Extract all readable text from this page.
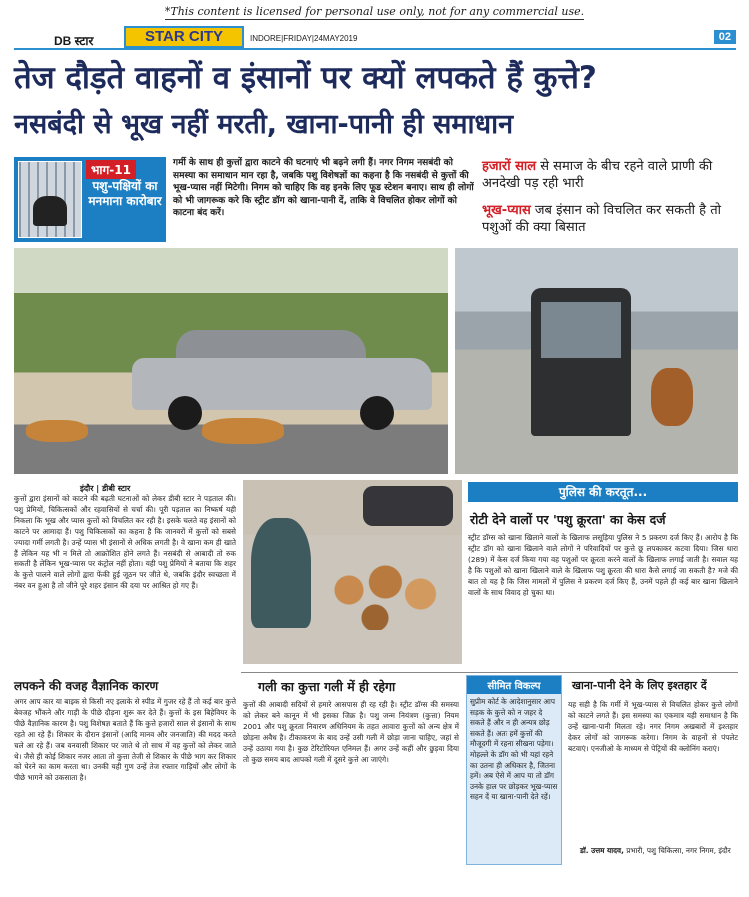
*This content is licensed for personal use only, not for any commercial use.
DB स्टार	STAR CITY	INDORE|FRIDAY|24MAY2019	02
तेज दौड़ते वाहनों व इंसानों पर क्यों लपकते हैं कुत्ते?
नसबंदी से भूख नहीं मरती, खाना-पानी ही समाधान
भाग-11
पशु-पक्षियों का मनमाना कारोबार
गर्मी के साथ ही कुत्तों द्वारा काटने की घटनाएं भी बढ़ने लगी हैं। नगर निगम नसबंदी को समस्या का समाधान मान रहा है, जबकि पशु विशेषज्ञों का कहना है कि नसबंदी से कुत्तों की भूख-प्यास नहीं मिटेगी। निगम को चाहिए कि वह इनके लिए फूड स्टेशन बनाए। साथ ही लोगों को भी जागरूक करे कि स्ट्रीट डॉग को खाना-पानी दें, ताकि वे विचलित होकर लोगों को काटना बंद करें।
हजारों साल से समाज के बीच रहने वाले प्राणी की अनदेखी पड़ रही भारी
भूख-प्यास जब इंसान को विचलित कर सकती है तो पशुओं की क्या बिसात
इंदौर | डीबी स्टार
कुत्तों द्वारा इंसानों को काटने की बढ़ती घटनाओं को लेकर डीबी स्टार ने पड़ताल की। पशु प्रेमियों, चिकित्सकों और रहवासियों से चर्चा की। पूरी पड़ताल का निष्कर्ष यही निकला कि भूख और प्यास कुत्तों को विचलित कर रही है। इसके चलते वह इंसानों को काटने पर आमादा हैं। पशु चिकित्सकों का कहना है कि जानवरों में कुत्तों को सबसे ज्यादा गर्मी लगती है। उन्हें प्यास भी इंसानों से अधिक लगती है। वे खाना कम ही खाते हैं लेकिन यह भी न मिले तो आक्रोशित होने लगते हैं। नसबंदी से आबादी तो रुक सकती है लेकिन भूख-प्यास पर कंट्रोल नहीं होता। यही पशु प्रेमियों ने बताया कि शहर के कुत्ते पालने वाले लोगों द्वारा फेंकी हुई जूठन पर जीते थे, जबकि इंदौर स्वच्छता में नंबर वन हुआ है तो जीने पूरे शहर इंसान की दया पर आश्रित हो गए हैं।
लपकने की वजह वैज्ञानिक कारण
अगर आप कार या बाइक से किसी नए इलाके से स्पीड में गुजर रहे हैं तो कई बार कुत्ते बेवजह भौंकने और गाड़ी के पीछे दौड़ना शुरू कर देते हैं। कुत्तों के इस बिहेवियर के पीछे वैज्ञानिक कारण है। पशु विशेषज्ञ बताते हैं कि कुत्ते हजारों साल से इंसानों के साथ रहते आ रहे हैं। शिकार के दौरान इंसानों (आदि मानव और जनजाति) की मदद करते चले आ रहे हैं। जब वनवासी शिकार पर जाते थे तो साथ में वह कुत्तों को लेकर जाते थे। जैसे ही कोई शिकार नजर आता तो कुत्ता तेजी से शिकार के पीछे भाग कर शिकार को घेरने का काम करता था। उनकी यही गुण उन्हें तेज रफ्तार गाड़ियों और लोगों के पीछे भागने को उकसाता है।
पुलिस की करतूत...
रोटी देने वालों पर 'पशु क्रूरता' का केस दर्ज
स्ट्रीट डॉग्स को खाना खिलाने वालों के खिलाफ लसूड़िया पुलिस ने 5 प्रकरण दर्ज किए हैं। आरोप है कि स्ट्रीट डॉग को खाना खिलाने वाले लोगों ने परिवादियों पर कुत्ते छू लपकाकर कटवा दिया। जिस धारा (289) में केस दर्ज किया गया वह पशुओं पर क्रूरता करने वालों के खिलाफ लगाई जाती है। सवाल यह है कि पशुओं को खाना खिलाने वाले के खिलाफ पशु क्रूरता की धारा कैसे लगाई जा सकती है? मजे की बात तो यह है कि जिस मामलों में पुलिस ने प्रकरण दर्ज किए हैं, उनमें पहले ही कई बार खाना खिलाने वालों के साथ विवाद हो चुका था।
गली का कुत्ता गली में ही रहेगा
कुत्तों की आबादी सदियों से हमारे आसपास ही रह रही है। स्ट्रीट डॉग्स की समस्या को लेकर बने कानून में भी इसका जिक्र है। पशु जन्म नियंत्रण (कुत्ता) नियम 2001 और पशु क्रूरता निवारण अधिनियम के तहत आवारा कुत्तों को अन्य क्षेत्र में छोड़ना अवैध है। टीकाकरण के बाद उन्हें उसी गली में छोड़ा जाना चाहिए, जहां से उन्हें उठाया गया है। कुछ टेरिटोरियल एनिमल हैं। अगर उन्हें कहीं और छुड़वा दिया तो कुछ समय बाद आपको गली में दूसरे कुत्ते आ जाएंगे।
सीमित विकल्प
सुप्रीम कोर्ट के आदेशानुसार आप सड़क के कुत्ते को न जहर दे सकते हैं और न ही अन्यत्र छोड़ सकते हैं। अतः हमें कुत्तों की मौजूदगी में रहना सीखना पड़ेगा। मोहल्ले के डॉग को भी यहां रहने का उतना ही अधिकार है, जितना हमें। अब ऐसे में आप या तो डॉग उनके हाल पर छोड़कर भूख-प्यास सहन दें या खाना-पानी देते रहें।
खाना-पानी देने के लिए इश्तहार दें
यह सही है कि गर्मी में भूख-प्यास से विचलित होकर कुत्ते लोगों को काटने लगते हैं। इस समस्या का एकमात्र यही समाधान है कि उन्हें खाना-पानी मिलता रहे। नगर निगम अखबारों में इश्तहार देकर लोगों को जागरूक करेगा। निगम के वाहनों से पंपलेट बटवाएं। एनजीओ के माध्यम से पेट्रियों की क्लोनिंग कराएं।
डॉ. उत्तम यादव, प्रभारी, पशु चिकित्सा, नगर निगम, इंदौर
